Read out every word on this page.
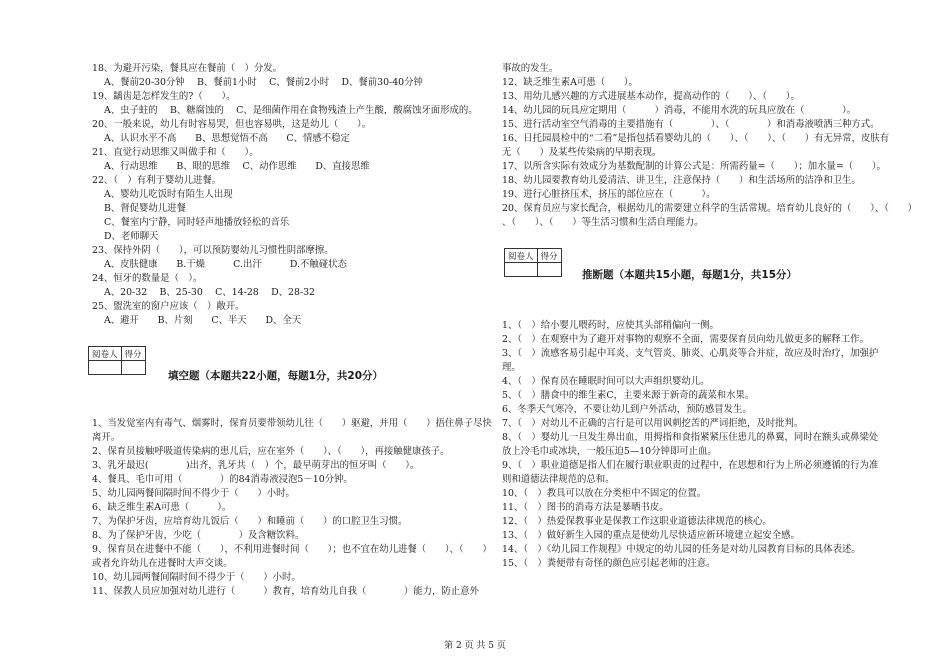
18、为避开污染，餐具应在餐前（　）分发。
A、餐前20-30分钟　 B、餐前1小时　 C、餐前2小时　 D、餐前30-40分钟
19、龋齿是怎样发生的?（　　）。
A、虫子蛀的　 B、糖腐蚀的　 C、是细菌作用在食物残渣上产生酸，酸腐蚀牙面形成的。
20、一般来说，幼儿有时容易哭，但也容易哄，这是幼儿（　　）。
A、认识水平不高　　B、思想觉悟不高　　C、情感不稳定
21、直觉行动思维又叫做手和（　　）。
A、行动思维　　B、眼的思维　 C、动作思维　　D、直接思维
22、（　）有利于婴幼儿进餐。
A、婴幼儿吃饭时有陌生人出现
B、督促婴幼儿进餐
C、餐室内宁静，同时轻声地播放轻松的音乐
D、老师聊天
23、保持外阴（　　），可以预防婴幼儿习惯性阴部摩擦。
A、皮肤健康　　B.干燥　　　C.出汗　　　D.不触碰状态
24、恒牙的数量是（　）。
A、20-32　 B、25-30　 C、14-28　 D、28-32
25、盥洗室的窗户应该（　）敞开。
A、避开　　B、片刻　　C、半天　　D、全天
阅卷人	得分

填空题（本题共22小题，每题1分，共20分）
1、当发觉室内有毒气、烟雾时，保育员要带领幼儿往（　　）驱避，并用（　　）捂住鼻子尽快
离开。
2、保育员接触呼吸道传染病的患儿后，应在室外（　　）、（　　），再接触健康孩子。
3、乳牙最迟(　　　　)出齐，乳牙共（　）个，最早萌芽出的恒牙叫（　　）。
4、餐具、毛巾可用（　　　　）的84消毒液浸泡5－10分钟。
5、幼儿园两餐间隔时间不得少于（　　）小时。
6、缺乏维生素A可患（　　　）。
7、为保护牙齿，应培育幼儿饭后（　　）和睡前（　　）的口腔卫生习惯。
8、为了保护牙齿，少吃（　　　　）及含糖饮料。
9、保育员在进餐中不能（　　），不利用进餐时间（　　）；也不宜在幼儿进餐（　　）、（　　）
或者允许幼儿在进餐时大声交谈。
10、幼儿园两餐间隔时间不得少于（　　）小时。
11、保教人员应加强对幼儿进行（　　　）教育，培育幼儿自我（　　　　）能力，防止意外
事故的发生。
12、缺乏维生素A可患（　　）。
13、用幼儿感兴趣的方式进展基本动作，提高动作的（　　）、（　　）。
14、幼儿园的玩具应定期用（　　　）消毒，不能用水洗的玩具应放在（　　　　）。
15、进行活动室空气消毒的主要措施有（　　　　）、（　　　　）和消毒液喷洒三种方式。
16、日托园晨检中的“二看”是指包括看婴幼儿的（　　）、（　　）、（　　）有无异常，皮肤有
无（　　）及某些传染病的早期表现。
17、以所含实际有效成分为基数配制的计算公式是：所需药量=（　　）；加水量=（　　）。
18、幼儿园要教育幼儿爱清洁、讲卫生，注意保持（　　）和生活场所的洁净和卫生。
19、进行心脏挤压术，挤压的部位应在（　　　）。
20、保育员应与家长配合，根据幼儿的需要建立科学的生活常规。培育幼儿良好的（　　）、（　　）
、（　　）、（　　）等生活习惯和生活自理能力。
阅卷人	得分

推断题（本题共15小题，每题1分，共15分）
1、（　）给小婴儿喂药时，应使其头部稍偏向一侧。
2、（　）在观察中为了避开对事物的观察不全面，需要保育员向幼儿做更多的解释工作。
3、（　）流感客易引起中耳炎、支气管炎、肺炎、心肌炎等合并症，故应及时治疗，加强护
理。
4、（　）保育员在睡眠时间可以大声组织婴幼儿。
5、（　）膳食中的维生素C，主要来源于新奇的蔬菜和水果。
6、冬季天气寒冷，不要让幼儿到户外活动，预防感冒发生。
7、（　）对幼儿不正确的言行是可以用讽刺挖苦的严词拒绝，及时批判。
8、（　）婴幼儿一旦发生鼻出血，用拇指和食指紧紧压住患儿的鼻翼，同时在额头或鼻梁处
放上冷毛巾或冰块，一般压迫5—10分钟即可止血。
9、（　）职业道德是指人们在履行职业职责的过程中，在思想和行为上所必须遵循的行为准
则和道德法律规范的总和。
10、（　）教具可以放在分类柜中不固定的位置。
11、（　）图书的消毒方法是暴晒书皮。
12、（　）热爱保教事业是保教工作这职业道德法律规范的核心。
13、（　）做好新生入园的重点是使幼儿尽快适应新环境建立起安全感。
14、（　）《幼儿园工作规程》中规定的幼儿园的任务是对幼儿园教育目标的具体表述。
15、（　）粪便带有奇怪的颜色应引起老师的注意。
第 2 页 共 5 页
